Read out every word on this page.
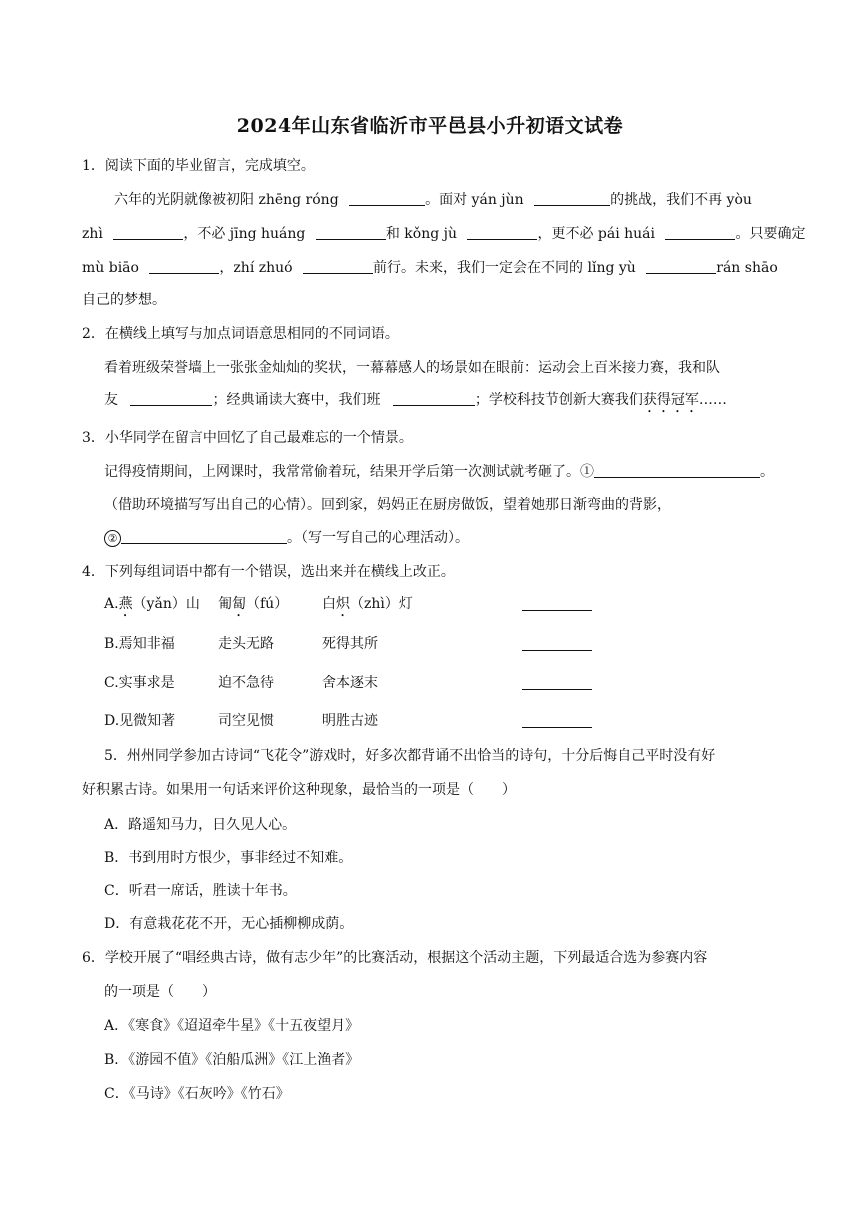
2024年山东省临沂市平邑县小升初语文试卷
1．阅读下面的毕业留言，完成填空。
六年的光阴就像被初阳 zhēng róng	。面对 yán jùn	的挑战，我们不再 yòu
zhì	，不必 jīng huáng	和 kǒng jù	，更不必 pái huái	。只要确定
mù biāo	，zhí zhuó	前行。未来，我们一定会在不同的 lǐng yù	rán shāo
自己的梦想。
2．在横线上填写与加点词语意思相同的不同词语。
看着班级荣誉墙上一张张金灿灿的奖状，一幕幕感人的场景如在眼前：运动会上百米接力赛，我和队
友	；经典诵读大赛中，我们班	；学校科技节创新大赛我们获得冠军……
3．小华同学在留言中回忆了自己最难忘的一个情景。
记得疫情期间，上网课时，我常常偷着玩，结果开学后第一次测试就考砸了。①	。
（借助环境描写写出自己的心情）。回到家，妈妈正在厨房做饭，望着她那日渐弯曲的背影，
②	。（写一写自己的心理活动）。
4．下列每组词语中都有一个错误，选出来并在横线上改正。
A.燕（yǎn）山 匍匐（fú） 白炽（zhì）灯
B.焉知非福	走头无路	死得其所
C.实事求是	迫不急待	舍本逐末
D.见微知著	司空见惯	明胜古迹
5．州州同学参加古诗词“飞花令”游戏时，好多次都背诵不出恰当的诗句，十分后悔自己平时没有好
好积累古诗。如果用一句话来评价这种现象，最恰当的一项是（　　）
A．路遥知马力，日久见人心。
B．书到用时方恨少，事非经过不知难。
C．听君一席话，胜读十年书。
D．有意栽花花不开，无心插柳柳成荫。
6．学校开展了“唱经典古诗，做有志少年”的比赛活动，根据这个活动主题，下列最适合选为参赛内容
的一项是（　　）
A．《寒食》《迢迢牵牛星》《十五夜望月》
B．《游园不值》《泊船瓜洲》《江上渔者》
C．《马诗》《石灰吟》《竹石》
